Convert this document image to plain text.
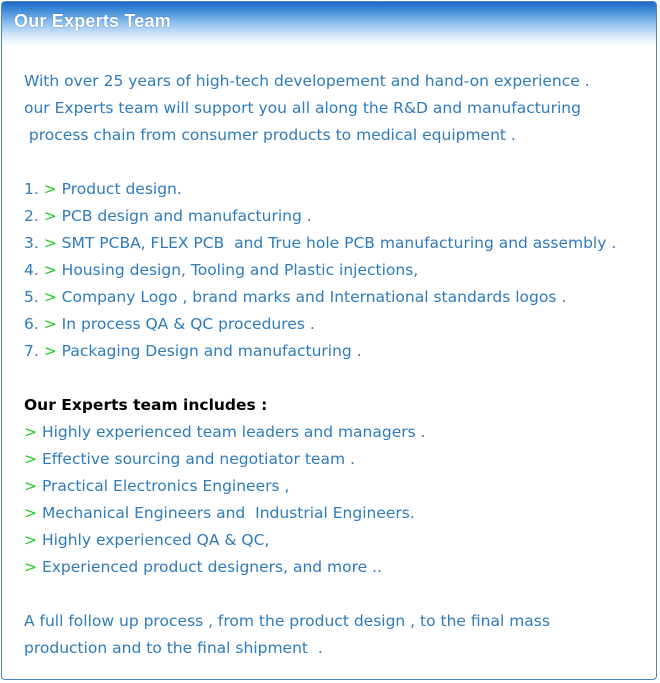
Our Experts Team
With over 25 years of high-tech developement and hand-on experience .
our Experts team will support you all along the R&D and manufacturing
process chain from consumer products to medical equipment .
1. > Product design.
2. > PCB design and manufacturing .
3. > SMT PCBA, FLEX PCB  and True hole PCB manufacturing and assembly .
4. > Housing design, Tooling and Plastic injections,
5. > Company Logo , brand marks and International standards logos .
6. > In process QA & QC procedures .
7. > Packaging Design and manufacturing .
Our Experts team includes :
> Highly experienced team leaders and managers .
> Effective sourcing and negotiator team .
> Practical Electronics Engineers ,
> Mechanical Engineers and  Industrial Engineers.
> Highly experienced QA & QC,
> Experienced product designers, and more ..
A full follow up process , from the product design , to the final mass
production and to the final shipment  .
